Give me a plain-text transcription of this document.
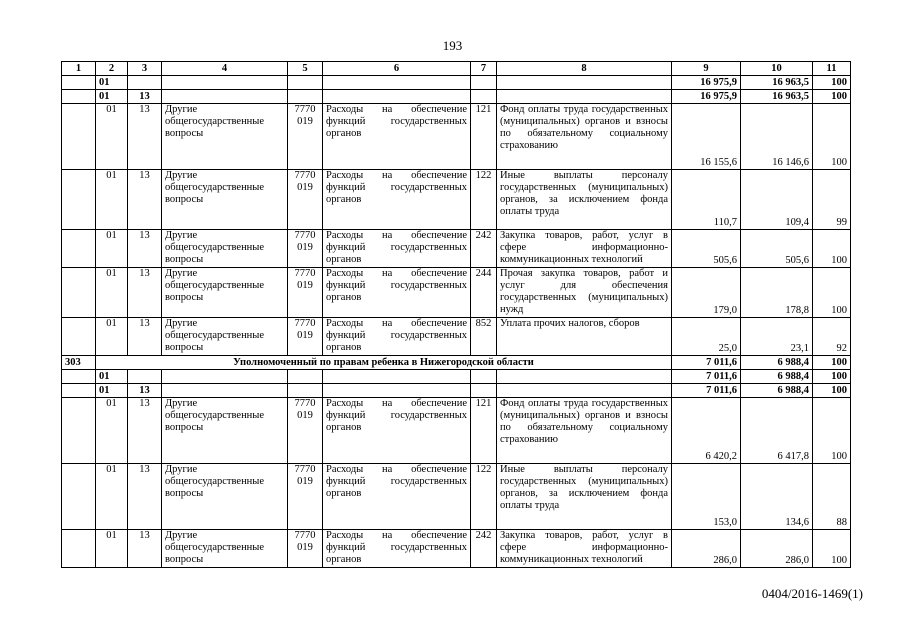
193
1	2	3	4	5	6	7	8	9	10	11
	01							16 975,9	16 963,5	100
	01	13						16 975,9	16 963,5	100
	01	13	Другие общегосударственные вопросы	7770 019	Расходы на обеспечение функций государственных органов	121	Фонд оплаты труда государственных (муниципальных) органов и взносы по обязательному социальному страхованию	16 155,6	16 146,6	100
	01	13	Другие общегосударственные вопросы	7770 019	Расходы на обеспечение функций государственных органов	122	Иные выплаты персоналу государственных (муниципальных) органов, за исключением фонда оплаты труда	110,7	109,4	99
	01	13	Другие общегосударственные вопросы	7770 019	Расходы на обеспечение функций государственных органов	242	Закупка товаров, работ, услуг в сфере информационно-коммуникационных технологий	505,6	505,6	100
	01	13	Другие общегосударственные вопросы	7770 019	Расходы на обеспечение функций государственных органов	244	Прочая закупка товаров, работ и услуг для обеспечения государственных (муниципальных) нужд	179,0	178,8	100
	01	13	Другие общегосударственные вопросы	7770 019	Расходы на обеспечение функций государственных органов	852	Уплата прочих налогов, сборов	25,0	23,1	92
303	Уполномоченный по правам ребенка в Нижегородской области							7 011,6	6 988,4	100
	01							7 011,6	6 988,4	100
	01	13						7 011,6	6 988,4	100
	01	13	Другие общегосударственные вопросы	7770 019	Расходы на обеспечение функций государственных органов	121	Фонд оплаты труда государственных (муниципальных) органов и взносы по обязательному социальному страхованию	6 420,2	6 417,8	100
	01	13	Другие общегосударственные вопросы	7770 019	Расходы на обеспечение функций государственных органов	122	Иные выплаты персоналу государственных (муниципальных) органов, за исключением фонда оплаты труда	153,0	134,6	88
	01	13	Другие общегосударственные вопросы	7770 019	Расходы на обеспечение функций государственных органов	242	Закупка товаров, работ, услуг в сфере информационно-коммуникационных технологий	286,0	286,0	100
0404/2016-1469(1)
